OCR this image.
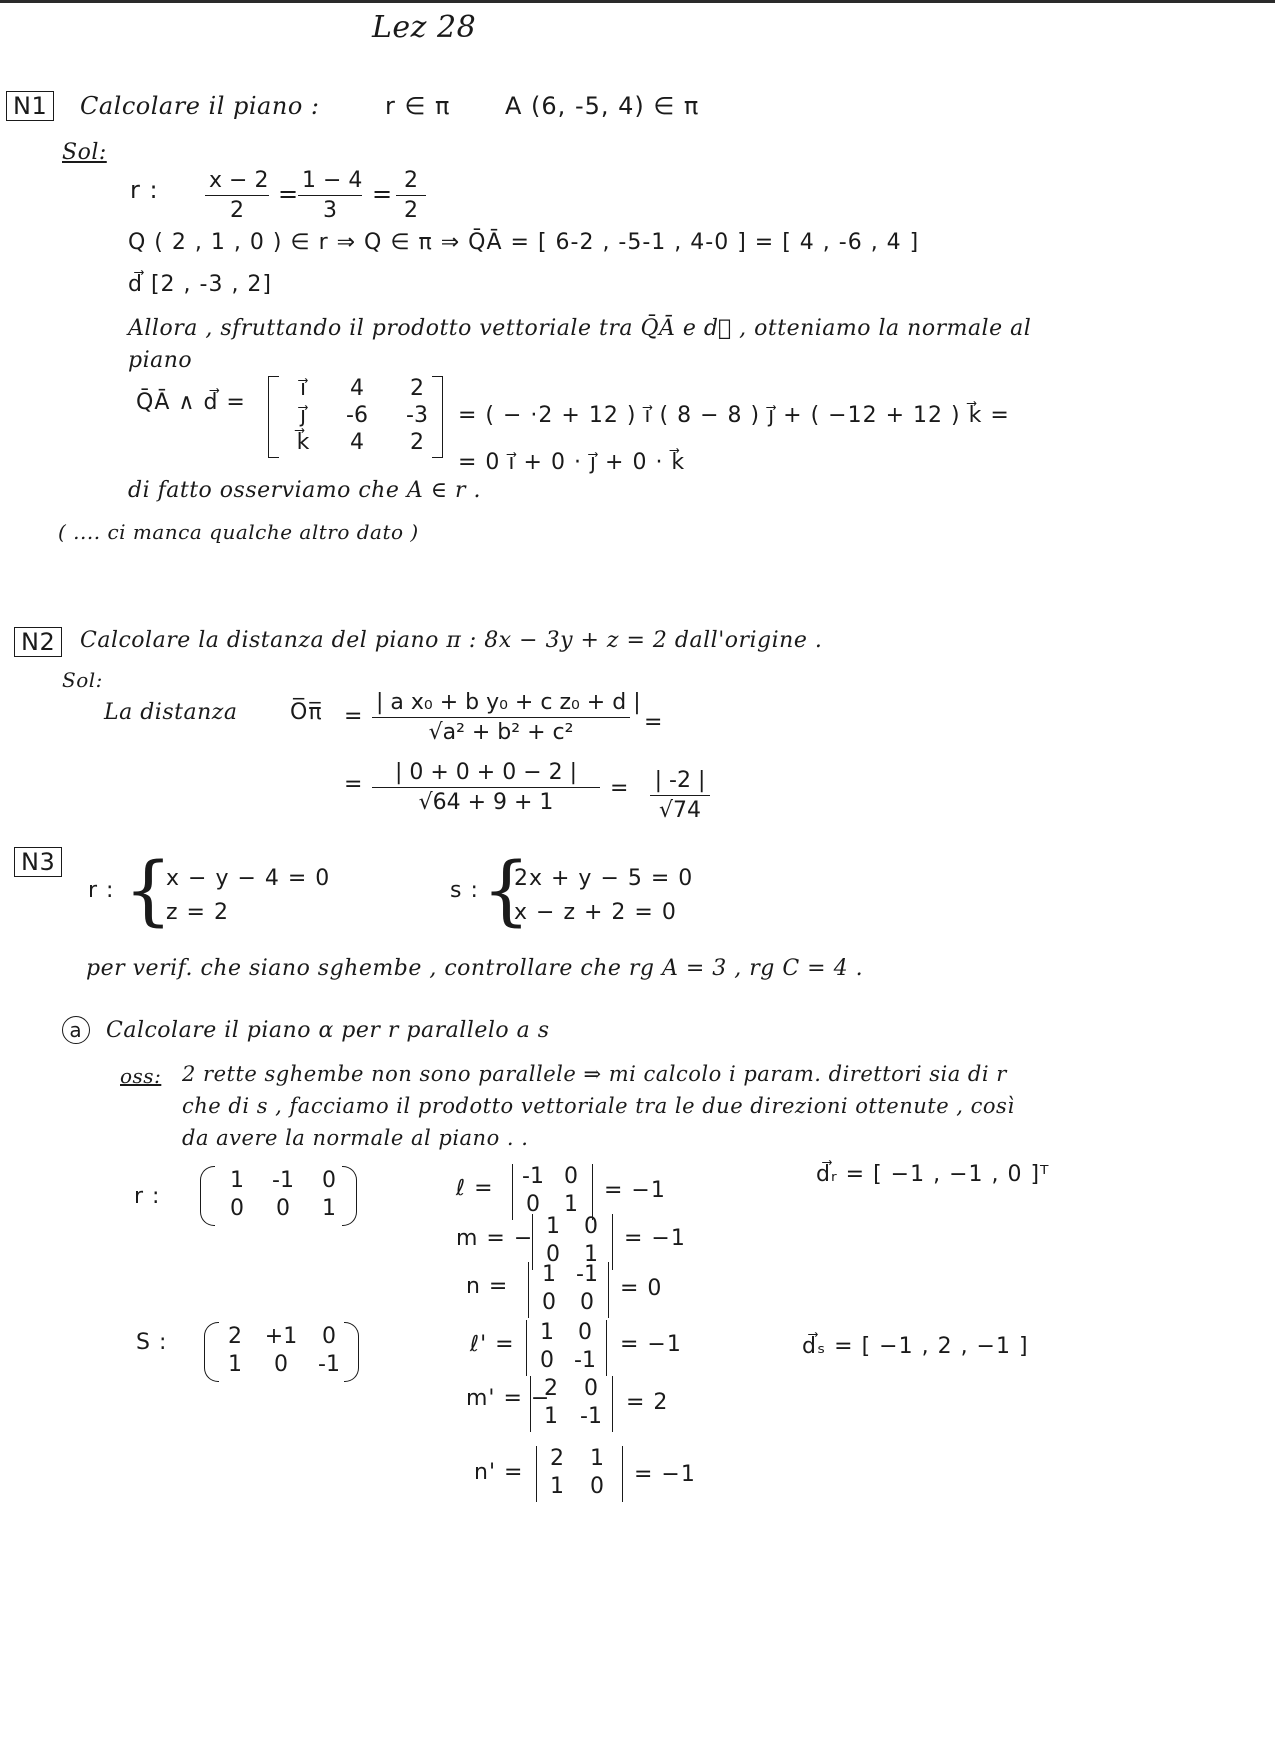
Lez 28
N1 Calcolare il piano :	r ∈ π A (6, -5, 4) ∈ π
Sol:
r : $\frac{x - 2}{2}$ =
$\frac{1 - 4}{3} = \frac{2}{2}$
Q ( 2 , 1 , 0 ) ∈ r ⇒ Q ∈ π ⇒ Q̄Ā = [ 6-2 , -5-1 , 4-0 ] = [ 4 , -6 , 4 ]
d⃗ [2 , -3 , 2]
Allora , sfruttando il prodotto vettoriale tra Q̄Ā e d⃗ , otteniamo la normale al
piano
Q̄Ā ∧ d⃗ =
i⃗	4	2
j⃗	-6	-3
k⃗	4	2
= ( − ·2 + 12 ) i⃗ ( 8 − 8 ) j⃗ + ( −12 + 12 ) k⃗ =
= 0 i⃗ + 0 · j⃗ + 0 · k⃗
di fatto osserviamo che A ∈ r .
( .... ci manca qualche altro dato )
N2	Calcolare la distanza del piano π : 8x − 3y + z = 2 dall'origine .
Sol:
La distanza O̅π̅ = $\frac{\text{| a x₀ + b y₀ + c z₀ + d |}}{\text{√a² + b² + c²}}$ =
= $\frac{| 0 + 0 + 0 - 2 |}{√64 + 9 + 1} = \frac{| -2 |}{√74}$
N3
r : {
x − y − 4 = 0
z = 2
s : {
2x + y − 5 = 0
x − z + 2 = 0
per verif. che siano sghembe , controllare che rg A = 3 , rg C = 4 .
a	Calcolare il piano α per r parallelo a s
oss: 2 rette sghembe non sono parallele ⇒ mi calcolo i param. direttori sia di r
che di s , facciamo il prodotto vettoriale tra le due direzioni ottenute , così
da avere la normale al piano . .
r :
1	-1	0
0	0	1
ℓ =	-1 0
0	1
= −1
m = − 1	0
0	1
= −1
n =	1 -1
0	0
= 0
d⃗ᵣ = [ −1 , −1 , 0 ]ᵀ
S :	2	+1	0
1	0	-1
ℓ' =	1	0
0 -1
= −1
m' = −
2	0
1	-1
= 2
n' =
2	1
1	0	= −1
d⃗ₛ = [ −1 , 2 , −1 ]
